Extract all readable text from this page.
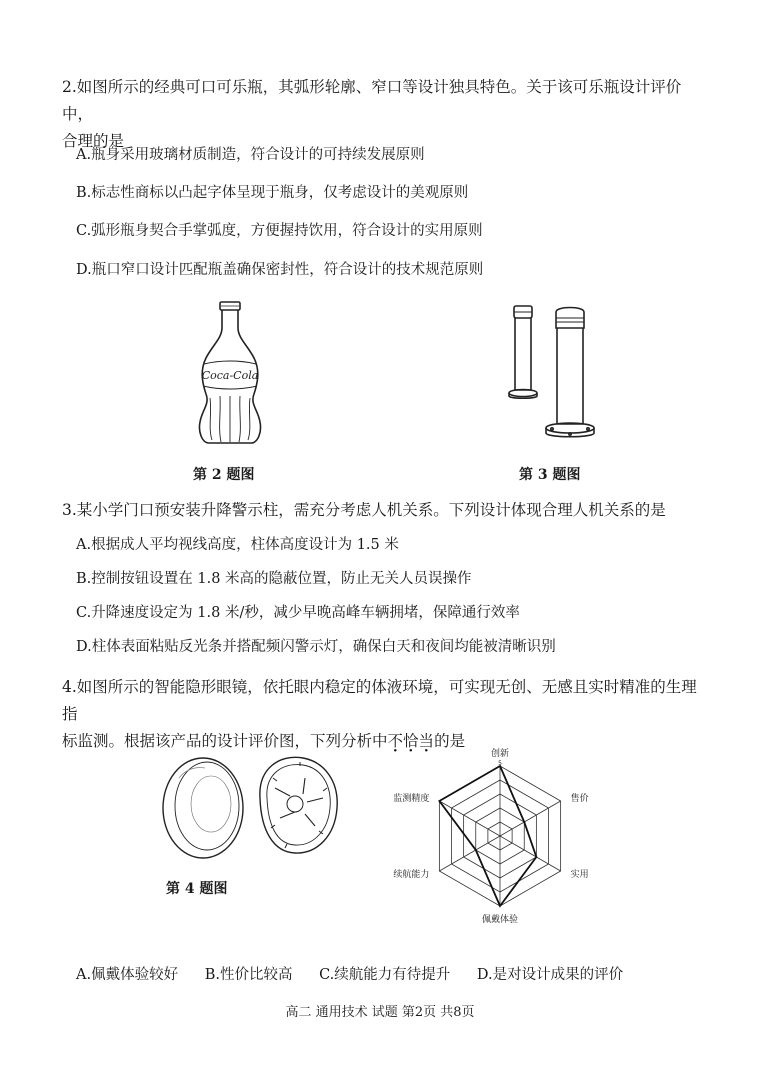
2.如图所示的经典可口可乐瓶，其弧形轮廓、窄口等设计独具特色。关于该可乐瓶设计评价中，
合理的是
A.瓶身采用玻璃材质制造，符合设计的可持续发展原则
B.标志性商标以凸起字体呈现于瓶身，仅考虑设计的美观原则
C.弧形瓶身契合手掌弧度，方便握持饮用，符合设计的实用原则
D.瓶口窄口设计匹配瓶盖确保密封性，符合设计的技术规范原则
Coca-Cola
第 2 题图	第 3 题图
3.某小学门口预安装升降警示柱，需充分考虑人机关系。下列设计体现合理人机关系的是
A.根据成人平均视线高度，柱体高度设计为 1.5 米
B.控制按钮设置在 1.8 米高的隐蔽位置，防止无关人员误操作
C.升降速度设定为 1.8 米/秒，减少早晚高峰车辆拥堵，保障通行效率
D.柱体表面粘贴反光条并搭配频闪警示灯，确保白天和夜间均能被清晰识别
4.如图所示的智能隐形眼镜，依托眼内稳定的体液环境，可实现无创、无感且实时精准的生理指
标监测。根据该产品的设计评价图，下列分析中不恰当的是
第 4 题图
创新
售价
实用
佩戴体验
续航能力
监测精度
5
A.佩戴体验较好 B.性价比较高 C.续航能力有待提升 D.是对设计成果的评价
高二 通用技术 试题 第2页 共8页
